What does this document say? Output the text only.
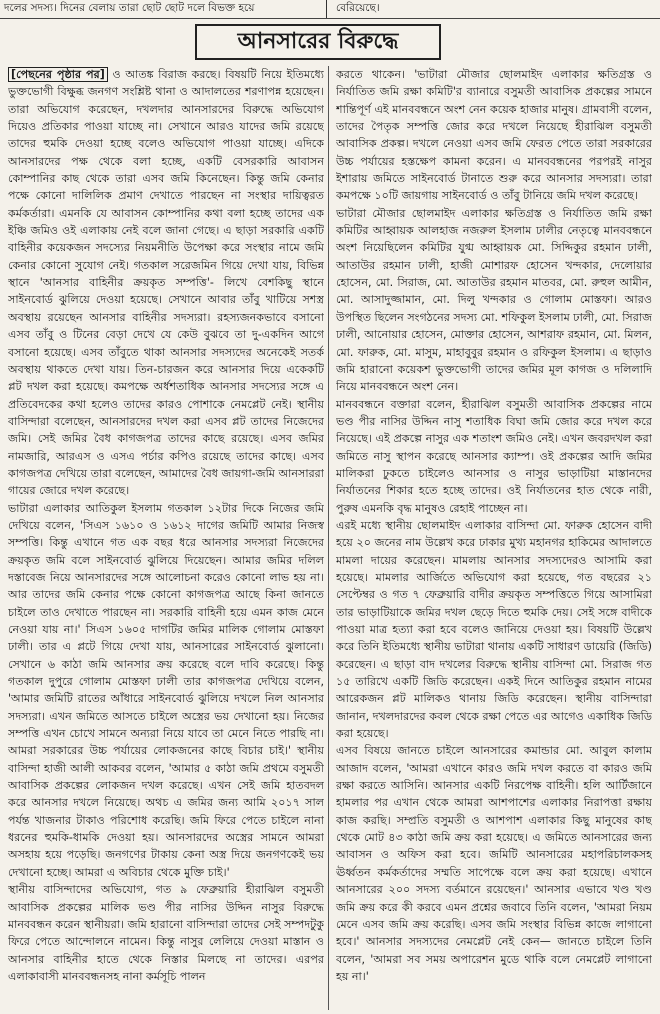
দলের সদস্য। দিনের বেলায় তারা ছোট ছোট দলে বিভক্ত হয়ে	বেরিয়েছে।
আনসারের বিরুদ্ধে

[পেছনের পৃষ্ঠার পর] ও আতঙ্ক বিরাজ করছে। বিষয়টি নিয়ে ইতিমধ্যে ভুক্তভোগী বিক্ষুব্ধ জনগণ সংশ্লিষ্ট থানা ও আদালতের শরণাপন্ন হয়েছেন। তারা অভিযোগ করেছেন, দখলদার আনসারদের বিরুদ্ধে অভিযোগ দিয়েও প্রতিকার পাওয়া যাচ্ছে না। সেখানে আরও যাদের জমি রয়েছে তাদের হুমকি দেওয়া হচ্ছে বলেও অভিযোগ পাওয়া যাচ্ছে। এদিকে আনসারদের পক্ষ থেকে বলা হচ্ছে, একটি বেসরকারি আবাসন কোম্পানির কাছ থেকে তারা এসব জমি কিনেছেন। কিন্তু জমি কেনার পক্ষে কোনো দালিলিক প্রমাণ দেখাতে পারছেন না সংস্থার দায়িত্বরত কর্মকর্তারা। এমনকি যে আবাসন কোম্পানির কথা বলা হচ্ছে তাদের এক ইঞ্চি জমিও ওই এলাকায় নেই বলে জানা গেছে। এ ছাড়া সরকারি একটি বাহিনীর কয়েকজন সদস্যের নিয়মনীতি উপেক্ষা করে সংস্থার নামে জমি কেনার কোনো সুযোগ নেই। গতকাল সরেজমিন গিয়ে দেখা যায়, বিভিন্ন স্থানে 'আনসার বাহিনীর ক্রয়কৃত সম্পত্তি'- লিখে বেশকিছু স্থানে সাইনবোর্ড ঝুলিয়ে দেওয়া হয়েছে। সেখানে আবার তাঁবু খাটিয়ে সশস্ত্র অবস্থায় রয়েছেন আনসার বাহিনীর সদস্যরা। রহস্যজনকভাবে বসানো এসব তাঁবু ও টিনের বেড়া দেখে যে কেউ বুঝবে তা দু-একদিন আগে বসানো হয়েছে। এসব তাঁবুতে থাকা আনসার সদস্যদের অনেকেই সতর্ক অবস্থায় থাকতে দেখা যায়। তিন-চারজন করে আনসার দিয়ে একেকটি প্লট দখল করা হয়েছে। কমপক্ষে অর্ধশতাধিক আনসার সদস্যের সঙ্গে এ প্রতিবেদকের কথা হলেও তাদের কারও পোশাকে নেমপ্লেট নেই। স্থানীয় বাসিন্দারা বলেছেন, আনসারদের দখল করা এসব প্লট তাদের নিজেদের জমি। সেই জমির বৈধ কাগজপত্র তাদের কাছে রয়েছে। এসব জমির নামজারি, আরএস ও এসএ পর্চার কপিও রয়েছে তাদের কাছে। এসব কাগজপত্র দেখিয়ে তারা বলেছেন, আমাদের বৈধ জায়গা-জমি আনসাররা গায়ের জোরে দখল করেছে।

ভাটারা এলাকার আতিকুল ইসলাম গতকাল ১২টার দিকে নিজের জমি দেখিয়ে বলেন, 'সিএস ১৬১০ ও ১৬১২ দাগের জমিটি আমার নিজস্ব সম্পত্তি। কিন্তু এখানে গত এক বছর ধরে আনসার সদস্যরা নিজেদের ক্রয়কৃত জমি বলে সাইনবোর্ড ঝুলিয়ে দিয়েছেন। আমার জমির দলিল দস্তাবেজ নিয়ে আনসারদের সঙ্গে আলোচনা করেও কোনো লাভ হয় না। আর তাদের জমি কেনার পক্ষে কোনো কাগজপত্র আছে কিনা জানতে চাইলে তাও দেখাতে পারছেন না। সরকারি বাহিনী হয়ে এমন কাজ মেনে নেওয়া যায় না।' সিএস ১৬০৫ দাগটির জমির মালিক গোলাম মোস্তফা ঢালী। তার এ প্লটে গিয়ে দেখা যায়, আনসারের সাইনবোর্ড ঝুলানো। সেখানে ৬ কাঠা জমি আনসার ক্রয় করেছে বলে দাবি করেছে। কিন্তু গতকাল দুপুরে গোলাম মোস্তফা ঢালী তার কাগজপত্র দেখিয়ে বলেন, 'আমার জমিটি রাতের আঁধারে সাইনবোর্ড ঝুলিয়ে দখলে নিল আনসার সদস্যরা। এখন জমিতে আসতে চাইলে অস্ত্রের ভয় দেখানো হয়। নিজের সম্পত্তি এখন চোখে সামনে অন্যরা নিয়ে যাবে তা মেনে নিতে পারছি না। আমরা সরকারের উচ্চ পর্যায়ের লোকজনের কাছে বিচার চাই।' স্থানীয় বাসিন্দা হাজী আলী আকবর বলেন, 'আমার ৫ কাঠা জমি প্রথমে বসুমতী আবাসিক প্রকল্পের লোকজন দখল করেছে। এখন সেই জমি হাতবদল করে আনসার দখলে নিয়েছে। অথচ এ জমির জন্য আমি ২০১৭ সাল পর্যন্ত খাজনার টাকাও পরিশোধ করেছি। জমি ফিরে পেতে চাইলে নানা ধরনের হুমকি-ধামকি দেওয়া হয়। আনসারদের অস্ত্রের সামনে আমরা অসহায় হয়ে পড়েছি। জনগণের টাকায় কেনা অস্ত্র দিয়ে জনগণকেই ভয় দেখানো হচ্ছে। আমরা এ অবিচার থেকে মুক্তি চাই।'

স্থানীয় বাসিন্দাদের অভিযোগ, গত ৯ ফেব্রুয়ারি হীরাঝিল বসুমতী আবাসিক প্রকল্পের মালিক ভণ্ড পীর নাসির উদ্দিন নাসুর বিরুদ্ধে মানববন্ধন করেন স্থানীয়রা। জমি হারানো বাসিন্দারা তাদের সেই সম্পদটুকু ফিরে পেতে আন্দোলনে নামেন। কিন্তু নাসুর লেলিয়ে দেওয়া মাস্তান ও আনসার বাহিনীর হাতে থেকে নিস্তার মিলছে না তাদের। এরপর এলাকাবাসী মানববন্ধনসহ নানা কর্মসূচি পালন

করতে থাকেন। 'ভাটারা মৌজার ছোলমাইদ এলাকার ক্ষতিগ্রস্ত ও নির্যাতিত জমি রক্ষা কমিটি'র ব্যানারে বসুমতী আবাসিক প্রকল্পের সামনে শান্তিপূর্ণ এই মানববন্ধনে অংশ নেন কয়েক হাজার মানুষ। গ্রামবাসী বলেন, তাদের পৈতৃক সম্পত্তি জোর করে দখলে নিয়েছে হীরাঝিল বসুমতী আবাসিক প্রকল্প। দখলে নেওয়া এসব জমি ফেরত পেতে তারা সরকারের উচ্চ পর্যায়ের হস্তক্ষেপ কামনা করেন। এ মানববন্ধনের পরপরই নাসুর ইশারায় জমিতে সাইনবোর্ড টানাতে শুরু করে আনসার সদস্যরা। তারা কমপক্ষে ১০টি জায়গায় সাইনবোর্ড ও তাঁবু টানিয়ে জমি দখল করেছে।

ভাটারা মৌজার ছোলমাইদ এলাকার ক্ষতিগ্রস্ত ও নির্যাতিত জমি রক্ষা কমিটির আহ্বায়ক আলহাজ নজরুল ইসলাম ঢালীর নেতৃত্বে মানববন্ধনে অংশ নিয়েছিলেন কমিটির যুগ্ম আহ্বায়ক মো. সিদ্দিকুর রহমান ঢালী, আতাউর রহমান ঢালী, হাজী মোশারফ হোসেন খন্দকার, দেলোয়ার হোসেন, মো. সিরাজ, মো. আতাউর রহমান মাতবর, মো. রুহুল আমীন, মো. আসাদুজ্জামান, মো. দিলু খন্দকার ও গোলাম মোস্তফা। আরও উপস্থিত ছিলেন সংগঠনের সদস্য মো. শফিকুল ইসলাম ঢালী, মো. সিরাজ ঢালী, আনোয়ার হোসেন, মোক্তার হোসেন, আশরাফ রহমান, মো. মিলন, মো. ফারুক, মো. মাসুম, মাহাবুবুর রহমান ও রফিকুল ইসলাম। এ ছাড়াও জমি হারানো কয়েকশ ভুক্তভোগী তাদের জমির মূল কাগজ ও দলিলাদি নিয়ে মানববন্ধনে অংশ নেন।

মানববন্ধনে বক্তারা বলেন, হীরাঝিল বসুমতী আবাসিক প্রকল্পের নামে ভণ্ড পীর নাসির উদ্দিন নাসু শতাধিক বিঘা জমি জোর করে দখল করে নিয়েছে। এই প্রকল্পে নাসুর এক শতাংশ জমিও নেই। এখন জবরদখল করা জমিতে নাসু স্থাপন করেছে আনসার ক্যাম্প। ওই প্রকল্পের আদি জমির মালিকরা ঢুকতে চাইলেও আনসার ও নাসুর ভাড়াটিয়া মাস্তানদের নির্যাতনের শিকার হতে হচ্ছে তাদের। ওই নির্যাতনের হাত থেকে নারী, পুরুষ এমনকি বৃদ্ধ মানুষও রেহাই পাচ্ছেন না।

এরই মধ্যে স্থানীয় ছোলমাইদ এলাকার বাসিন্দা মো. ফারুক হোসেন বাদী হয়ে ২০ জনের নাম উল্লেখ করে ঢাকার মুখ্য মহানগর হাকিমের আদালতে মামলা দায়ের করেছেন। মামলায় আনসার সদস্যদেরও আসামি করা হয়েছে। মামলার আর্জিতে অভিযোগ করা হয়েছে, গত বছরের ২১ সেপ্টেম্বর ও গত ৭ ফেব্রুয়ারি বাদীর ক্রয়কৃত সম্পত্তিতে গিয়ে আসামিরা তার ভাড়াটিয়াকে জমির দখল ছেড়ে দিতে হুমকি দেয়। সেই সঙ্গে বাদীকে পাওয়া মাত্র হত্যা করা হবে বলেও জানিয়ে দেওয়া হয়। বিষয়টি উল্লেখ করে তিনি ইতিমধ্যে স্থানীয় ভাটারা থানায় একটি সাধারণ ডায়েরি (জিডি) করেছেন। এ ছাড়া বাদ দখলের বিরুদ্ধে স্থানীয় বাসিন্দা মো. সিরাজ গত ১৫ তারিখে একটি জিডি করেছেন। একই দিনে আতিকুর রহমান নামের আরেকজন প্লট মালিকও থানায় জিডি করেছেন। স্থানীয় বাসিন্দারা জানান, দখলদারদের কবল থেকে রক্ষা পেতে এর আগেও একাধিক জিডি করা হয়েছে।

এসব বিষয়ে জানতে চাইলে আনসারের কমান্ডার মো. আবুল কালাম আজাদ বলেন, 'আমরা এখানে কারও জমি দখল করতে বা কারও জমি রক্ষা করতে আসিনি। আনসার একটি নিরপেক্ষ বাহিনী। হলি আর্টিজানে হামলার পর এখান থেকে আমরা আশপাশের এলাকার নিরাপত্তা রক্ষায় কাজ করছি। সম্প্রতি বসুমতী ও আশপাশ এলাকার কিছু মানুষের কাছ থেকে মোট ৪৩ কাঠা জমি ক্রয় করা হয়েছে। এ জমিতে আনসারের জন্য আবাসন ও অফিস করা হবে। জমিটি আনসারের মহাপরিচালকসহ ঊর্ধ্বতন কর্মকর্তাদের সম্মতি সাপেক্ষে বলে ক্রয় করা হয়েছে। এখানে আনসারের ২০০ সদস্য বর্তমানে রয়েছেন।' আনসার এভাবে খণ্ড খণ্ড জমি ক্রয় করে কী করবে এমন প্রশ্নের জবাবে তিনি বলেন, 'আমরা নিয়ম মেনে এসব জমি ক্রয় করেছি। এসব জমি সংস্থার বিভিন্ন কাজে লাগানো হবে।' আনসার সদস্যদের নেমপ্লেট নেই কেন— জানতে চাইলে তিনি বলেন, 'আমরা সব সময় অপারেশন মুডে থাকি বলে নেমপ্লেট লাগানো হয় না।'
